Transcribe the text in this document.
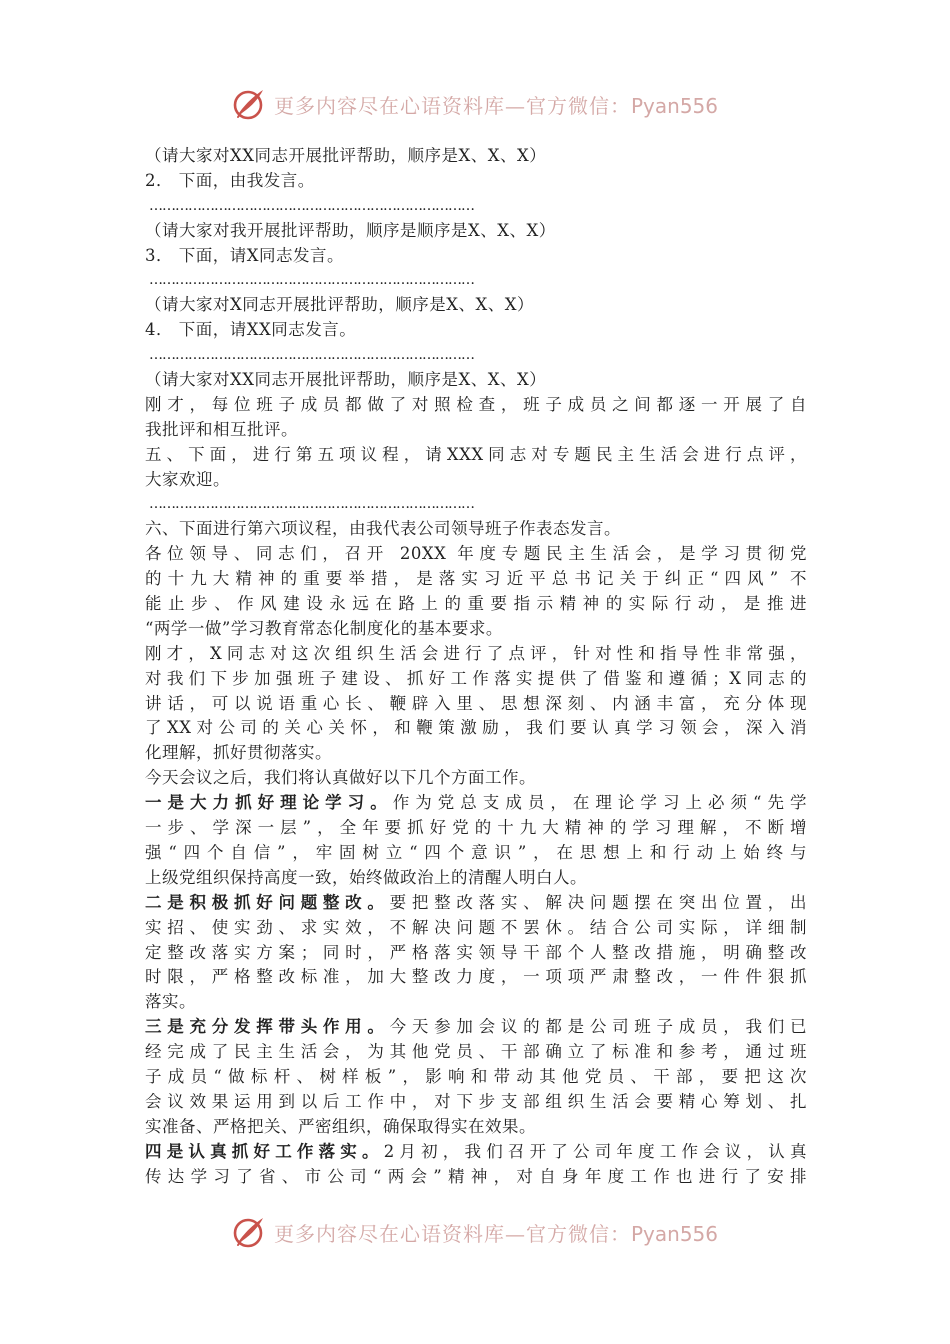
更多内容尽在心语资料库—官方微信：Pyan556
（请大家对XX同志开展批评帮助，顺序是X、X、X）
2． 下面，由我发言。
…………………………………………………………………
（请大家对我开展批评帮助，顺序是顺序是X、X、X）
3． 下面，请X同志发言。
…………………………………………………………………
（请大家对X同志开展批评帮助，顺序是X、X、X）
4． 下面，请XX同志发言。
…………………………………………………………………
（请大家对XX同志开展批评帮助，顺序是X、X、X）
刚才，每位班子成员都做了对照检查，班子成员之间都逐一开展了自
我批评和相互批评。
五、下面，进行第五项议程，请XXX同志对专题民主生活会进行点评，
大家欢迎。
…………………………………………………………………
六、下面进行第六项议程，由我代表公司领导班子作表态发言。
各位领导、同志们，召开 20XX 年度专题民主生活会，是学习贯彻党
的十九大精神的重要举措，是落实习近平总书记关于纠正“四风” 不
能止步、作风建设永远在路上的重要指示精神的实际行动，是推进
“两学一做”学习教育常态化制度化的基本要求。
刚才，X同志对这次组织生活会进行了点评，针对性和指导性非常强，
对我们下步加强班子建设、抓好工作落实提供了借鉴和遵循；X同志的
讲话，可以说语重心长、鞭辟入里、思想深刻、内涵丰富，充分体现
了XX对公司的关心关怀，和鞭策激励，我们要认真学习领会，深入消
化理解，抓好贯彻落实。
今天会议之后，我们将认真做好以下几个方面工作。
一是大力抓好理论学习。作为党总支成员，在理论学习上必须“先学
一步、学深一层”，全年要抓好党的十九大精神的学习理解，不断增
强“四个自信”，牢固树立“四个意识”，在思想上和行动上始终与
上级党组织保持高度一致，始终做政治上的清醒人明白人。
二是积极抓好问题整改。要把整改落实、解决问题摆在突出位置，出
实招、使实劲、求实效，不解决问题不罢休。结合公司实际，详细制
定整改落实方案；同时，严格落实领导干部个人整改措施，明确整改
时限，严格整改标准，加大整改力度，一项项严肃整改，一件件狠抓
落实。
三是充分发挥带头作用。今天参加会议的都是公司班子成员，我们已
经完成了民主生活会，为其他党员、干部确立了标准和参考，通过班
子成员“做标杆、树样板”，影响和带动其他党员、干部，要把这次
会议效果运用到以后工作中，对下步支部组织生活会要精心筹划、扎
实准备、严格把关、严密组织，确保取得实在效果。
四是认真抓好工作落实。2月初，我们召开了公司年度工作会议，认真
传达学习了省、市公司“两会”精神，对自身年度工作也进行了安排
更多内容尽在心语资料库—官方微信：Pyan556
